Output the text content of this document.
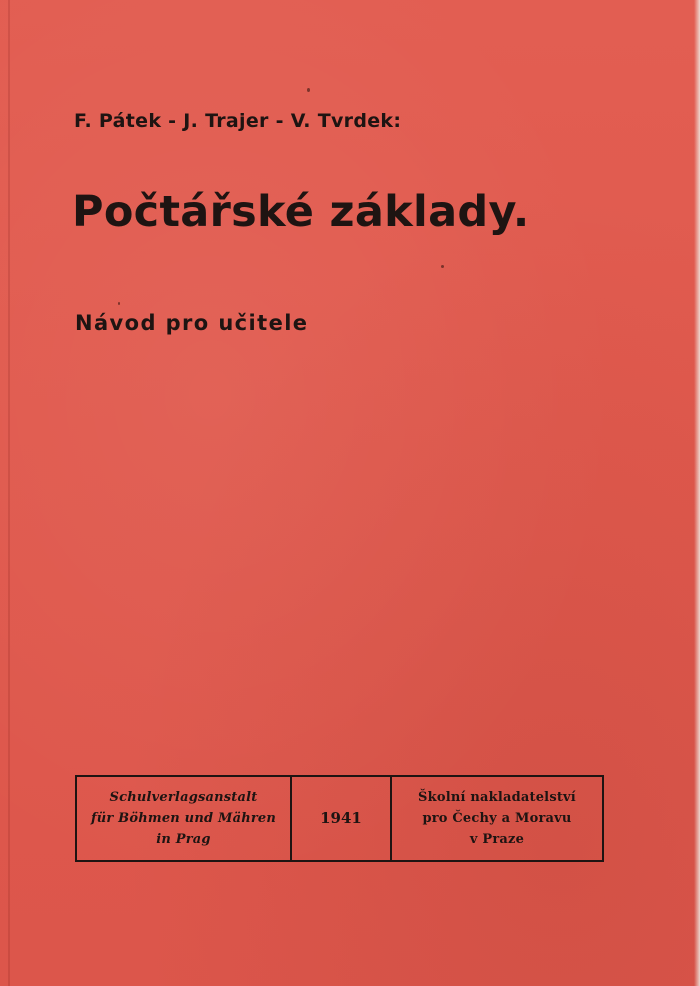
F. Pátek - J. Trajer - V. Tvrdek:
Počtářské základy.
Návod pro učitele
Schulverlagsanstalt
für Böhmen und Mähren
in Prag
1941
Školní nakladatelství
pro Čechy a Moravu
v Praze
